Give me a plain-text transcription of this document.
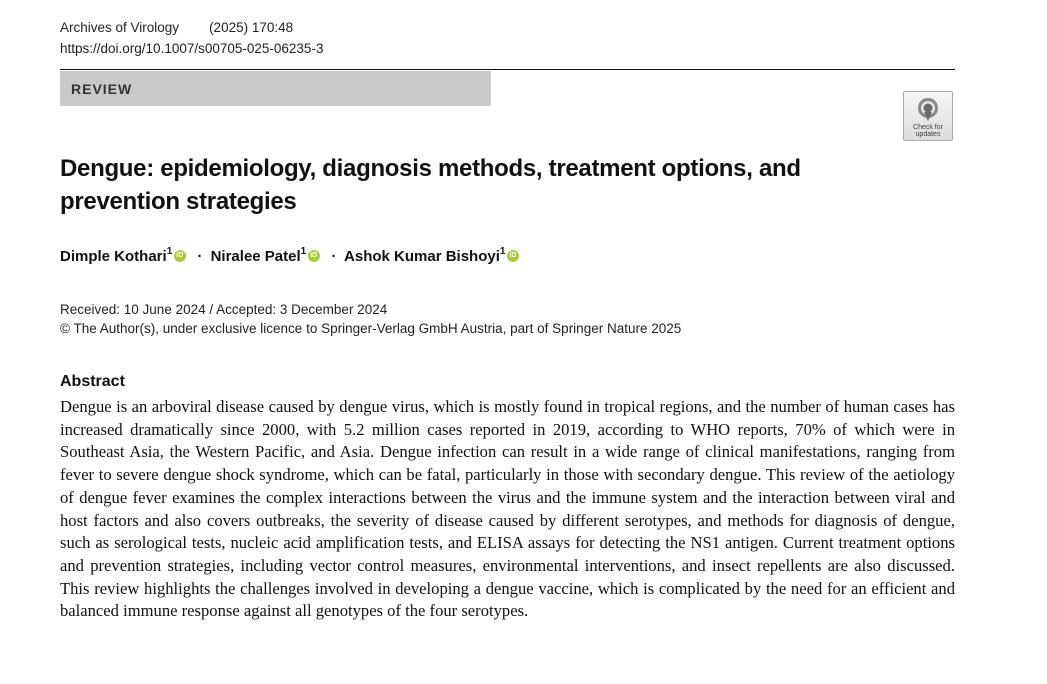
Archives of Virology (2025) 170:48
https://doi.org/10.1007/s00705-025-06235-3
REVIEW
Check for
updates
Dengue: epidemiology, diagnosis methods, treatment options, and prevention strategies
Dimple Kothari$^1$ iD · Niralee Patel$^1$ iD · Ashok Kumar Bishoyi$^1$iD
Received: 10 June 2024 / Accepted: 3 December 2024
© The Author(s), under exclusive licence to Springer-Verlag GmbH Austria, part of Springer Nature 2025
Abstract
Dengue is an arboviral disease caused by dengue virus, which is mostly found in tropical regions, and the number of human cases has increased dramatically since 2000, with 5.2 million cases reported in 2019, according to WHO reports, 70% of which were in Southeast Asia, the Western Pacific, and Asia. Dengue infection can result in a wide range of clinical manifestations, ranging from fever to severe dengue shock syndrome, which can be fatal, particularly in those with secondary dengue. This review of the aetiology of dengue fever examines the complex interactions between the virus and the immune system and the interaction between viral and host factors and also covers outbreaks, the severity of disease caused by different serotypes, and methods for diagnosis of dengue, such as serological tests, nucleic acid amplification tests, and ELISA assays for detecting the NS1 antigen. Current treatment options and prevention strategies, including vector control measures, environmental interventions, and insect repellents are also discussed. This review highlights the challenges involved in developing a dengue vaccine, which is complicated by the need for an efficient and balanced immune response against all genotypes of the four serotypes.
